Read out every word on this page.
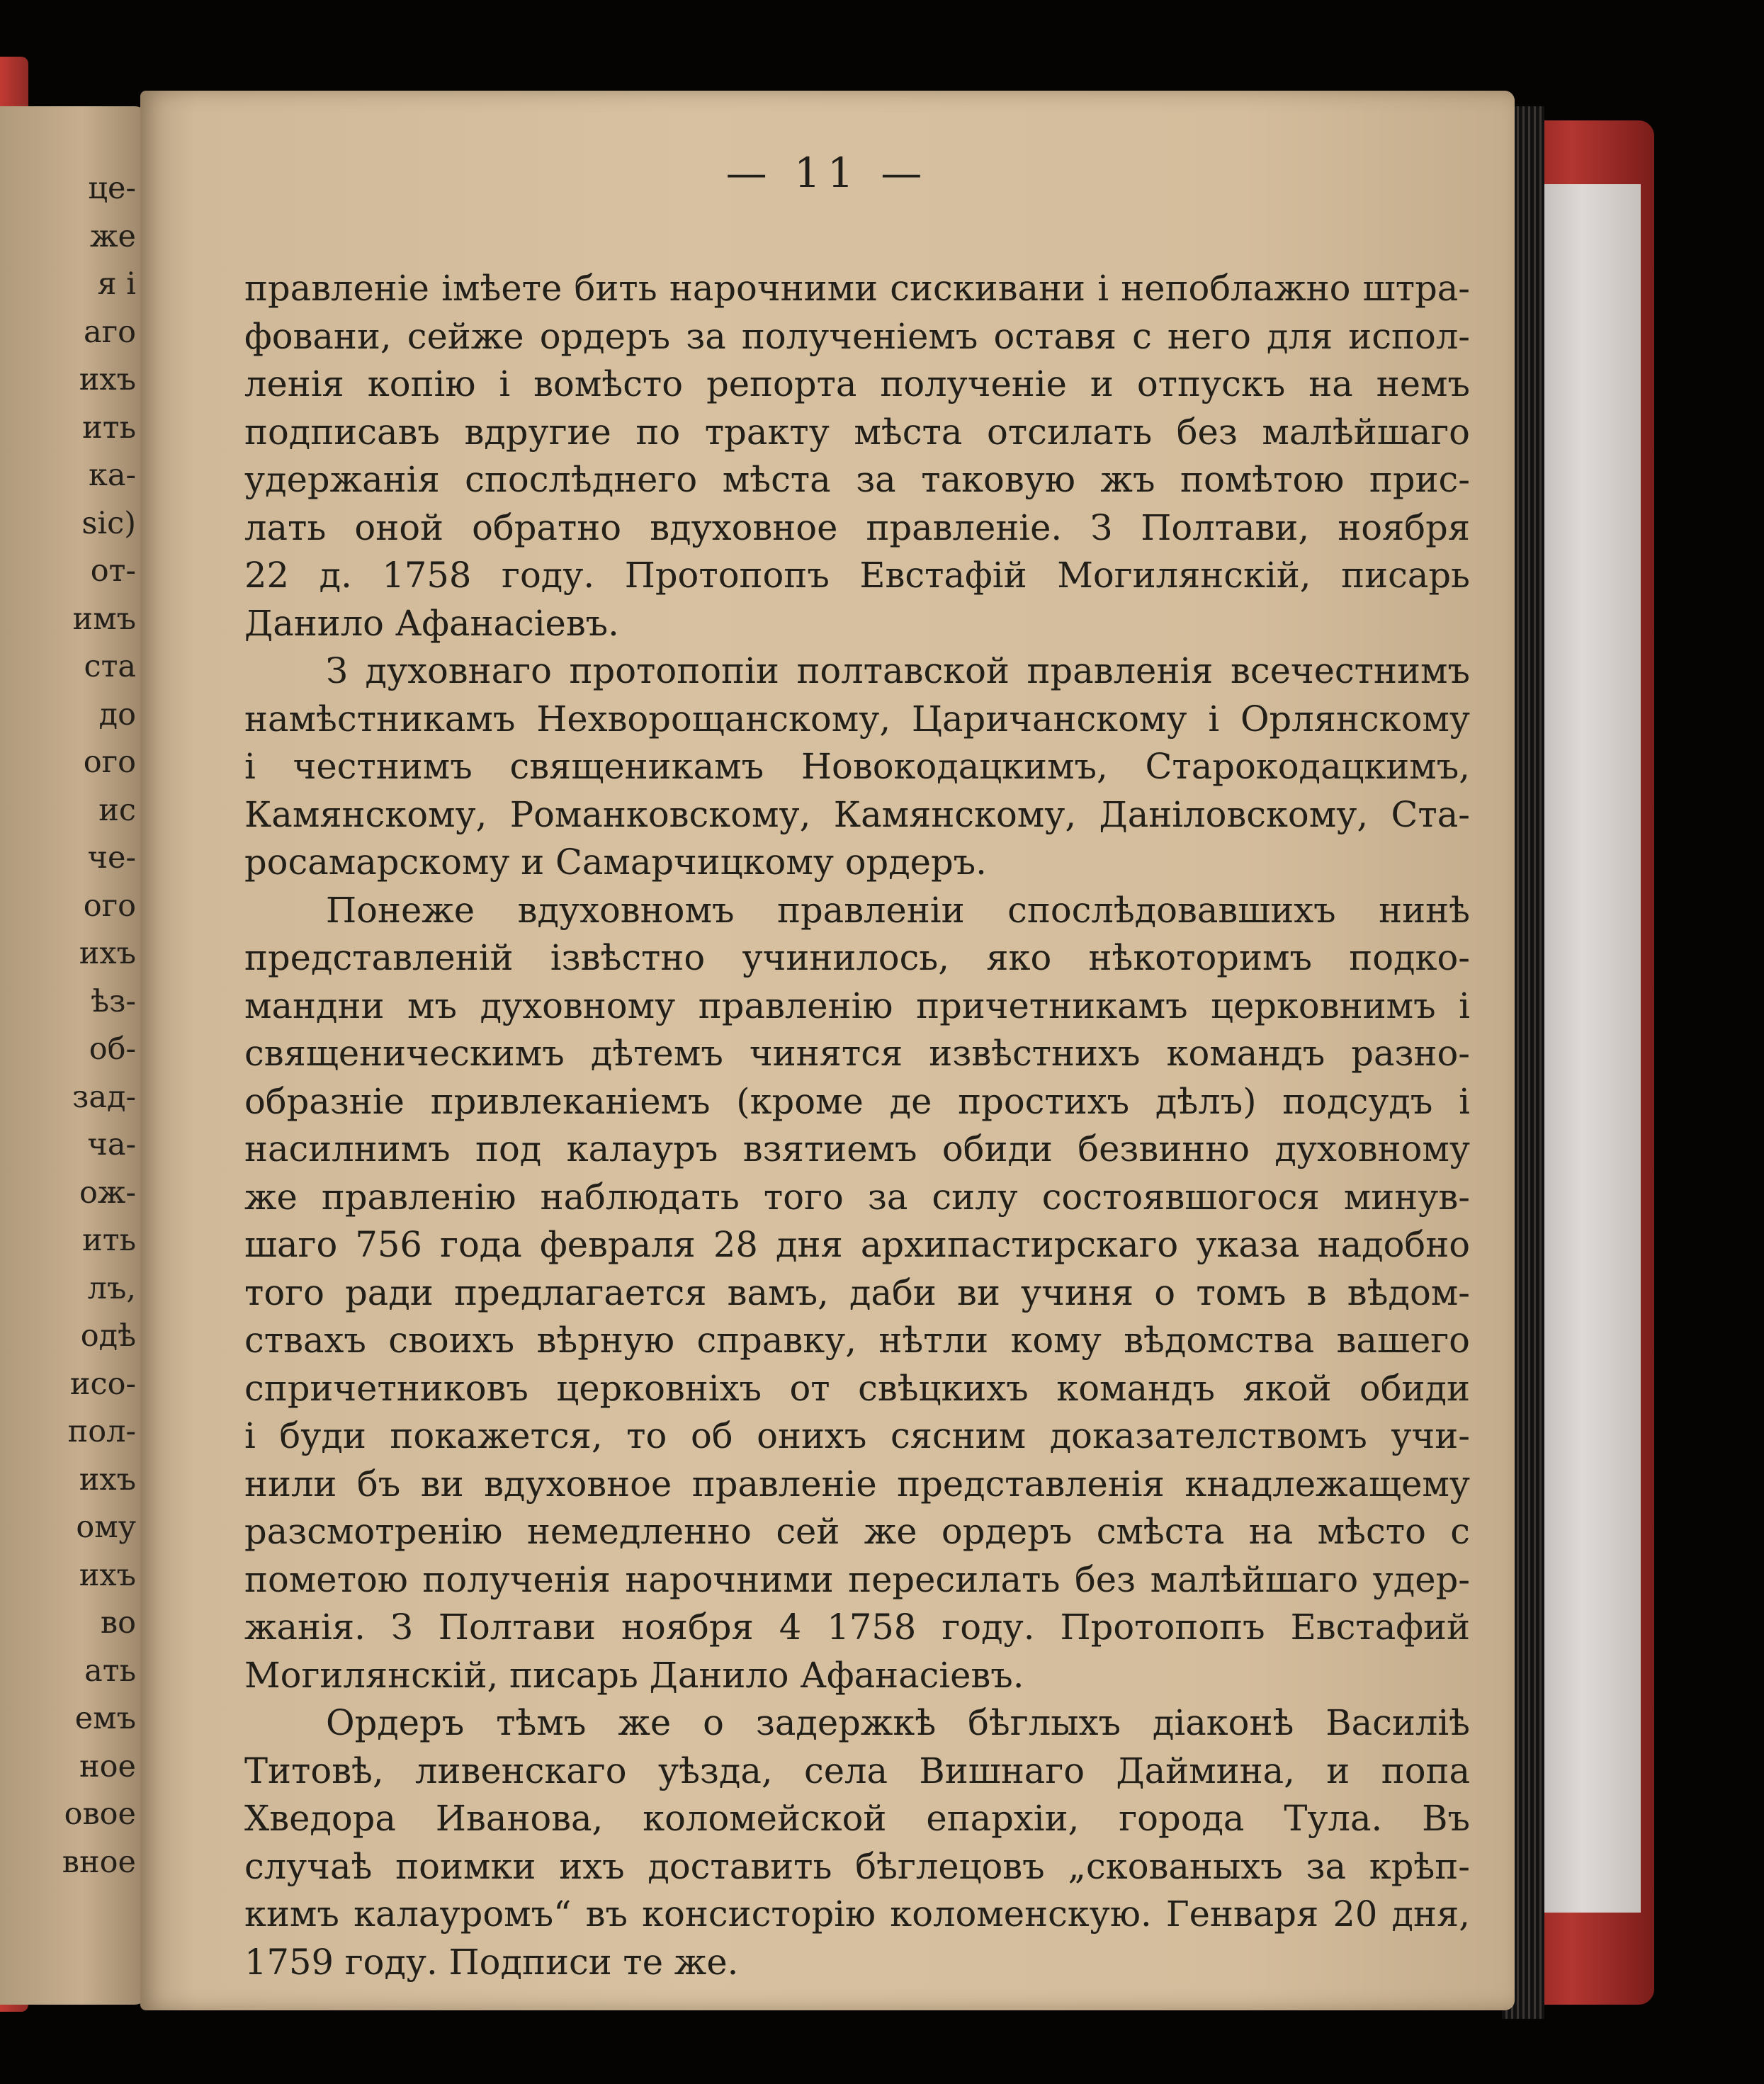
це-
же
я і
аго
ихъ
ить
ка-
sic)
от-
имъ
ста
до
ого
ис
че-
ого
ихъ
ѣз-
об-
зад-
ча-
ож-
ить
лъ,
одѣ
исо-
пол-
ихъ
ому
ихъ
во
ать
емъ
ное
овое
вное
— 11 —
правленіе імѣете бить нарочними сискивани і непоблажно штра-
фовани, сейже ордеръ за полученіемъ оставя с него для испол-
ленія копію і вомѣсто репорта полученіе и отпускъ на немъ
подписавъ вдругие по тракту мѣста отсилать без малѣйшаго
удержанія спослѣднего мѣста за таковую жъ помѣтою прис-
лать оной обратно вдуховное правленіе. З Полтави, ноября
22 д. 1758 году. Протопопъ Евстафій Могилянскій, писарь
Данило Афанасіевъ.
З духовнаго протопопіи полтавской правленія всечестнимъ
намѣстникамъ Нехворощанскому, Царичанскому і Орлянскому
і честнимъ священикамъ Новокодацкимъ, Старокодацкимъ,
Камянскому, Романковскому, Камянскому, Даніловскому, Ста-
росамарскому и Самарчицкому ордеръ.
Понеже вдуховномъ правленіи спослѣдовавшихъ нинѣ
представленій ізвѣстно учинилось, яко нѣкоторимъ подко-
мандни мъ духовному правленію причетникамъ церковнимъ і
священическимъ дѣтемъ чинятся извѣстнихъ командъ разно-
образніе привлеканіемъ (кроме де простихъ дѣлъ) подсудъ і
насилнимъ под калауръ взятиемъ обиди безвинно духовному
же правленію наблюдать того за силу состоявшогося минув-
шаго 756 года февраля 28 дня архипастирскаго указа надобно
того ради предлагается вамъ, даби ви учиня о томъ в вѣдом-
ствахъ своихъ вѣрную справку, нѣтли кому вѣдомства вашего
спричетниковъ церковніхъ от свѣцкихъ командъ якой обиди
і буди покажется, то об онихъ сясним доказателствомъ учи-
нили бъ ви вдуховное правленіе представленія кнадлежащему
разсмотренію немедленно сей же ордеръ смѣста на мѣсто с
пометою полученія нарочними пересилать без малѣйшаго удер-
жанія. З Полтави ноября 4 1758 году. Протопопъ Евстафий
Могилянскій, писарь Данило Афанасіевъ.
Ордеръ тѣмъ же о задержкѣ бѣглыхъ діаконѣ Василіѣ
Титовѣ, ливенскаго уѣзда, села Вишнаго Даймина, и попа
Хведора Иванова, коломейской епархіи, города Тула. Въ
случаѣ поимки ихъ доставить бѣглецовъ „скованыхъ за крѣп-
кимъ калауромъ“ въ консисторію коломенскую. Генваря 20 дня,
1759 году. Подписи те же.
